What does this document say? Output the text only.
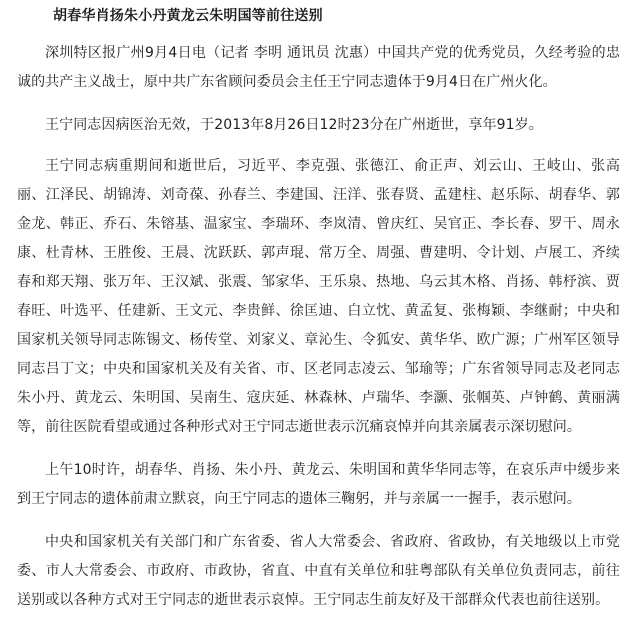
胡春华肖扬朱小丹黄龙云朱明国等前往送别

深圳特区报广州9月4日电（记者 李明 通讯员 沈惠）中国共产党的优秀党员，久经考验的忠诚的共产主义战士，原中共广东省顾问委员会主任王宁同志遗体于9月4日在广州火化。

王宁同志因病医治无效，于2013年8月26日12时23分在广州逝世，享年91岁。

王宁同志病重期间和逝世后，习近平、李克强、张德江、俞正声、刘云山、王岐山、张高丽、江泽民、胡锦涛、刘奇葆、孙春兰、李建国、汪洋、张春贤、孟建柱、赵乐际、胡春华、郭金龙、韩正、乔石、朱镕基、温家宝、李瑞环、李岚清、曾庆红、吴官正、李长春、罗干、周永康、杜青林、王胜俊、王晨、沈跃跃、郭声琨、常万全、周强、曹建明、令计划、卢展工、齐续春和郑天翔、张万年、王汉斌、张震、邹家华、王乐泉、热地、乌云其木格、肖扬、韩杼滨、贾春旺、叶选平、任建新、王文元、李贵鲜、徐匡迪、白立忱、黄孟复、张梅颖、李继耐；中央和国家机关领导同志陈锡文、杨传堂、刘家义、章沁生、令狐安、黄华华、欧广源；广州军区领导同志吕丁文；中央和国家机关及有关省、市、区老同志凌云、邹瑜等；广东省领导同志及老同志朱小丹、黄龙云、朱明国、吴南生、寇庆延、林森林、卢瑞华、李灏、张帼英、卢钟鹤、黄丽满等，前往医院看望或通过各种形式对王宁同志逝世表示沉痛哀悼并向其亲属表示深切慰问。

上午10时许，胡春华、肖扬、朱小丹、黄龙云、朱明国和黄华华同志等，在哀乐声中缓步来到王宁同志的遗体前肃立默哀，向王宁同志的遗体三鞠躬，并与亲属一一握手，表示慰问。

中央和国家机关有关部门和广东省委、省人大常委会、省政府、省政协，有关地级以上市党委、市人大常委会、市政府、市政协，省直、中直有关单位和驻粤部队有关单位负责同志，前往送别或以各种方式对王宁同志的逝世表示哀悼。王宁同志生前友好及干部群众代表也前往送别。
